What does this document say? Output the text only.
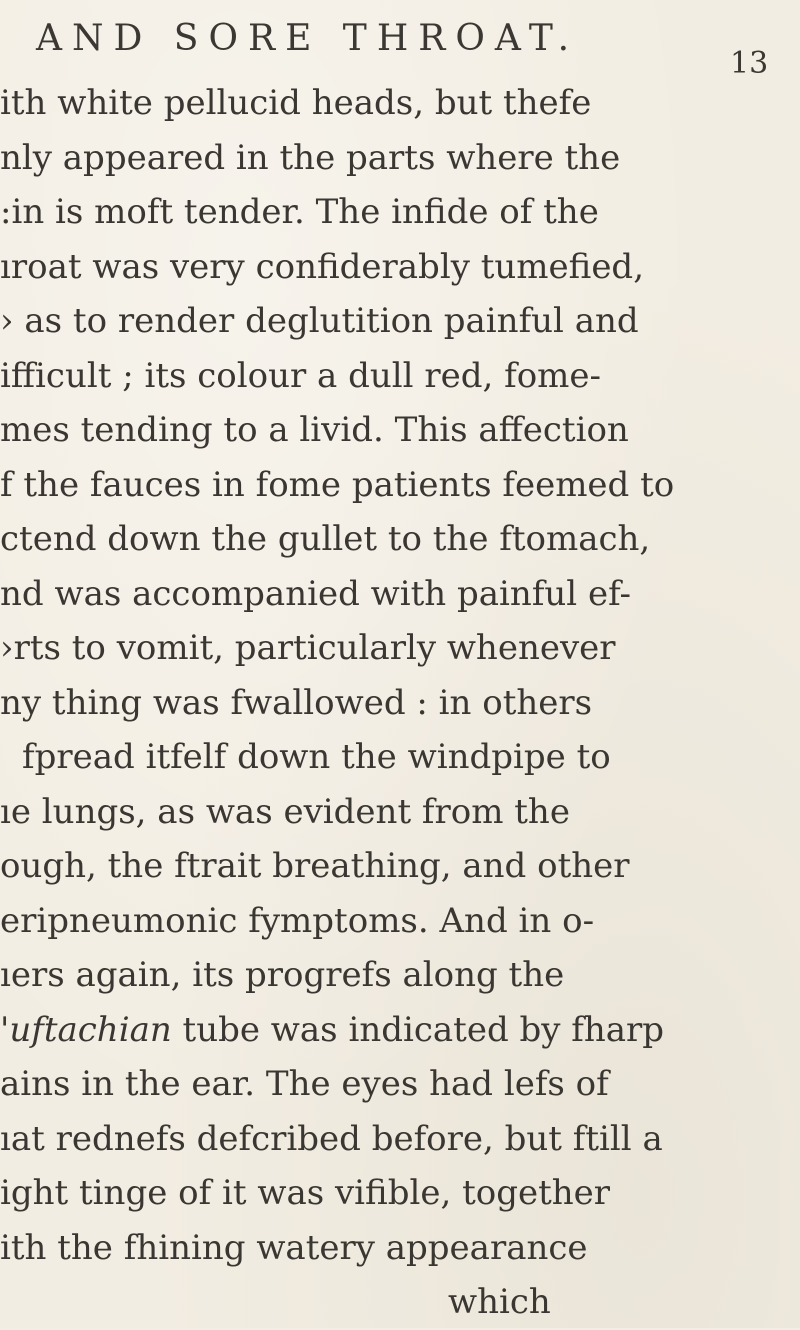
AND SORE THROAT.
13
ith white pellucid heads, but thefe
nly appeared in the parts where the
:in is moft tender. The infide of the
ıroat was very confiderably tumefied,
› as to render deglutition painful and
ifficult ; its colour a dull red, fome-
mes tending to a livid. This affection
f the fauces in fome patients feemed to
ctend down the gullet to the ftomach,
nd was accompanied with painful ef-
›rts to vomit, particularly whenever
ny thing was fwallowed : in others
fpread itfelf down the windpipe to
ıe lungs, as was evident from the
ough, the ftrait breathing, and other
eripneumonic fymptoms. And in o-
ıers again, its progrefs along the
'uftachian tube was indicated by fharp
ains in the ear. The eyes had lefs of
ıat rednefs defcribed before, but ftill a
ight tinge of it was vifible, together
ith the fhining watery appearance
which
